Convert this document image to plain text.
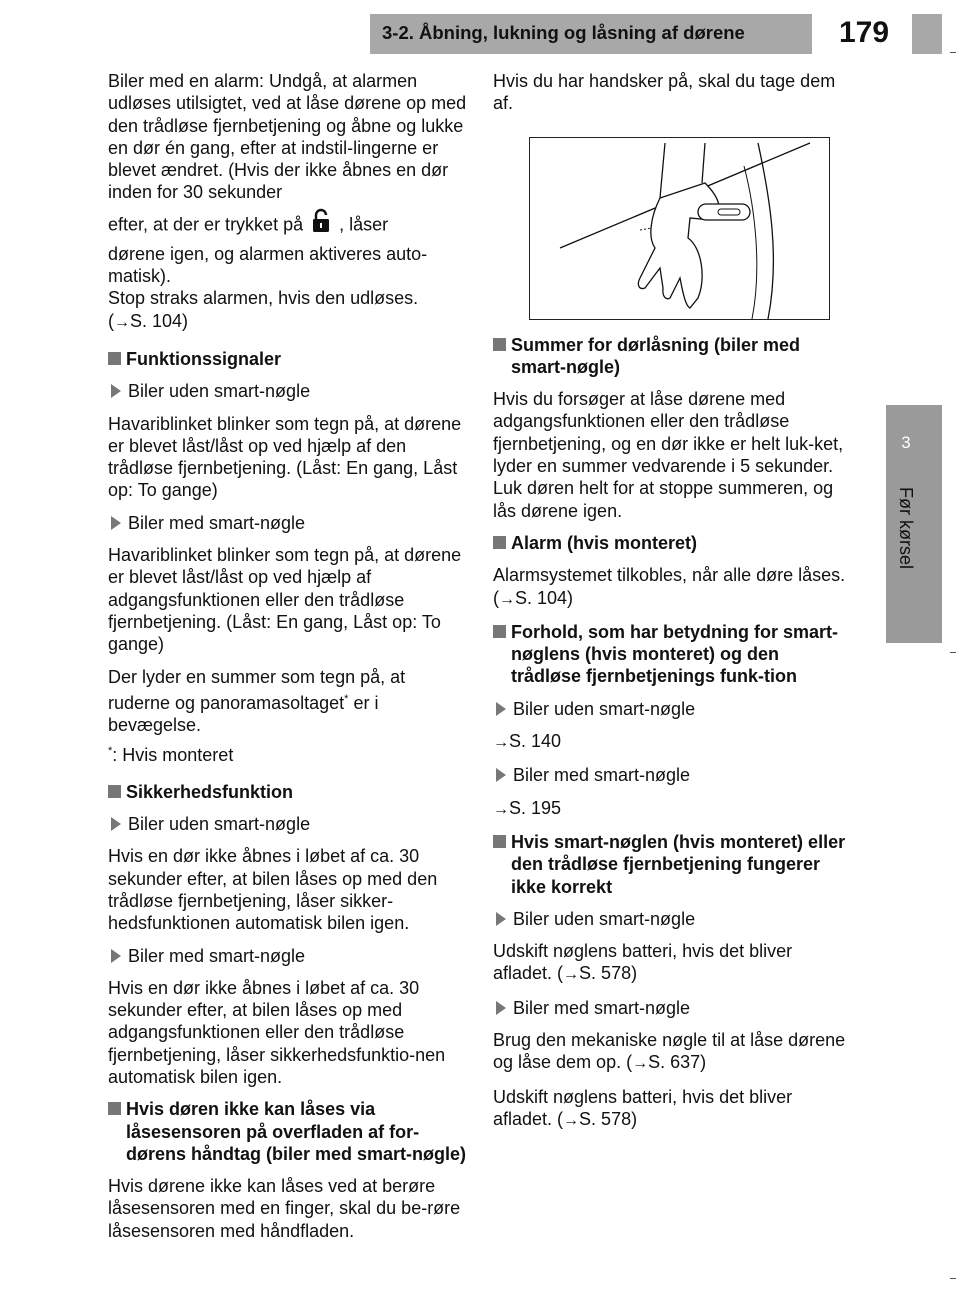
3-2. Åbning, lukning og låsning af dørene	179
3
Før kørsel

Biler med en alarm: Undgå, at alarmen udløses utilsigtet, ved at låse dørene op med den trådløse fjernbetjening og åbne og lukke en dør én gang, efter at indstil-lingerne er blevet ændret. (Hvis der ikke åbnes en dør inden for 30 sekunder

efter, at der er trykket på , låser

dørene igen, og alarmen aktiveres auto-matisk).

Stop straks alarmen, hvis den udløses.

(→S. 104)

Funktionssignaler
Biler uden smart-nøgle

Havariblinket blinker som tegn på, at dørene er blevet låst/låst op ved hjælp af den trådløse fjernbetjening. (Låst: En gang, Låst op: To gange)

Biler med smart-nøgle

Havariblinket blinker som tegn på, at dørene er blevet låst/låst op ved hjælp af adgangsfunktionen eller den trådløse fjernbetjening. (Låst: En gang, Låst op: To gange)

Der lyder en summer som tegn på, at
ruderne og panoramasoltaget* er i bevægelse.

*: Hvis monteret

Sikkerhedsfunktion
Biler uden smart-nøgle

Hvis en dør ikke åbnes i løbet af ca. 30 sekunder efter, at bilen låses op med den trådløse fjernbetjening, låser sikker-hedsfunktionen automatisk bilen igen.

Biler med smart-nøgle

Hvis en dør ikke åbnes i løbet af ca. 30 sekunder efter, at bilen låses op med adgangsfunktionen eller den trådløse fjernbetjening, låser sikkerhedsfunktio-nen automatisk bilen igen.

Hvis døren ikke kan låses via låsesensoren på overfladen af for-dørens håndtag (biler med smart-nøgle)

Hvis dørene ikke kan låses ved at berøre låsesensoren med en finger, skal du be-røre låsesensoren med håndfladen.

Hvis du har handsker på, skal du tage dem af.

Summer for dørlåsning (biler med smart-nøgle)

Hvis du forsøger at låse dørene med adgangsfunktionen eller den trådløse fjernbetjening, og en dør ikke er helt luk-ket, lyder en summer vedvarende i 5 sekunder. Luk døren helt for at stoppe summeren, og lås dørene igen.

Alarm (hvis monteret)

Alarmsystemet tilkobles, når alle døre låses. (→S. 104)

Forhold, som har betydning for smart-nøglens (hvis monteret) og den trådløse fjernbetjenings funk-tion
Biler uden smart-nøgle

→S. 140

Biler med smart-nøgle

→S. 195

Hvis smart-nøglen (hvis monteret) eller den trådløse fjernbetjening fungerer ikke korrekt
Biler uden smart-nøgle

Udskift nøglens batteri, hvis det bliver afladet. (→S. 578)

Biler med smart-nøgle

Brug den mekaniske nøgle til at låse dørene og låse dem op. (→S. 637)

Udskift nøglens batteri, hvis det bliver afladet. (→S. 578)
